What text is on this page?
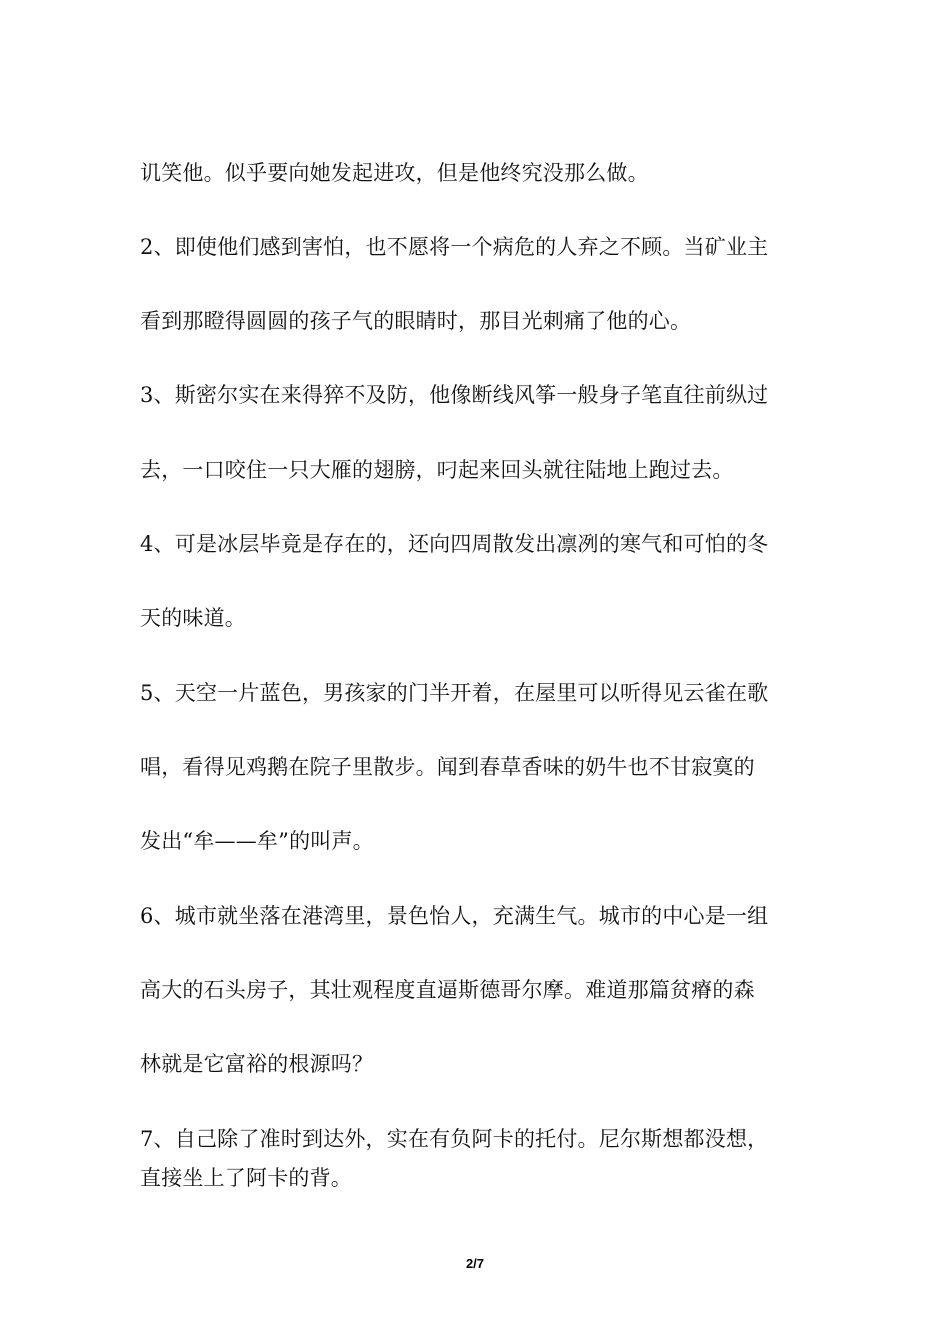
讥笑他。似乎要向她发起进攻，但是他终究没那么做。
2、即使他们感到害怕，也不愿将一个病危的人弃之不顾。当矿业主
看到那瞪得圆圆的孩子气的眼睛时，那目光刺痛了他的心。
3、斯密尔实在来得猝不及防，他像断线风筝一般身子笔直往前纵过
去，一口咬住一只大雁的翅膀，叼起来回头就往陆地上跑过去。
4、可是冰层毕竟是存在的，还向四周散发出凛冽的寒气和可怕的冬
天的味道。
5、天空一片蓝色，男孩家的门半开着，在屋里可以听得见云雀在歌
唱，看得见鸡鹅在院子里散步。闻到春草香味的奶牛也不甘寂寞的
发出“牟——牟”的叫声。
6、城市就坐落在港湾里，景色怡人，充满生气。城市的中心是一组
高大的石头房子，其壮观程度直逼斯德哥尔摩。难道那篇贫瘠的森
林就是它富裕的根源吗？
7、自己除了准时到达外，实在有负阿卡的托付。尼尔斯想都没想，
直接坐上了阿卡的背。
2/7
